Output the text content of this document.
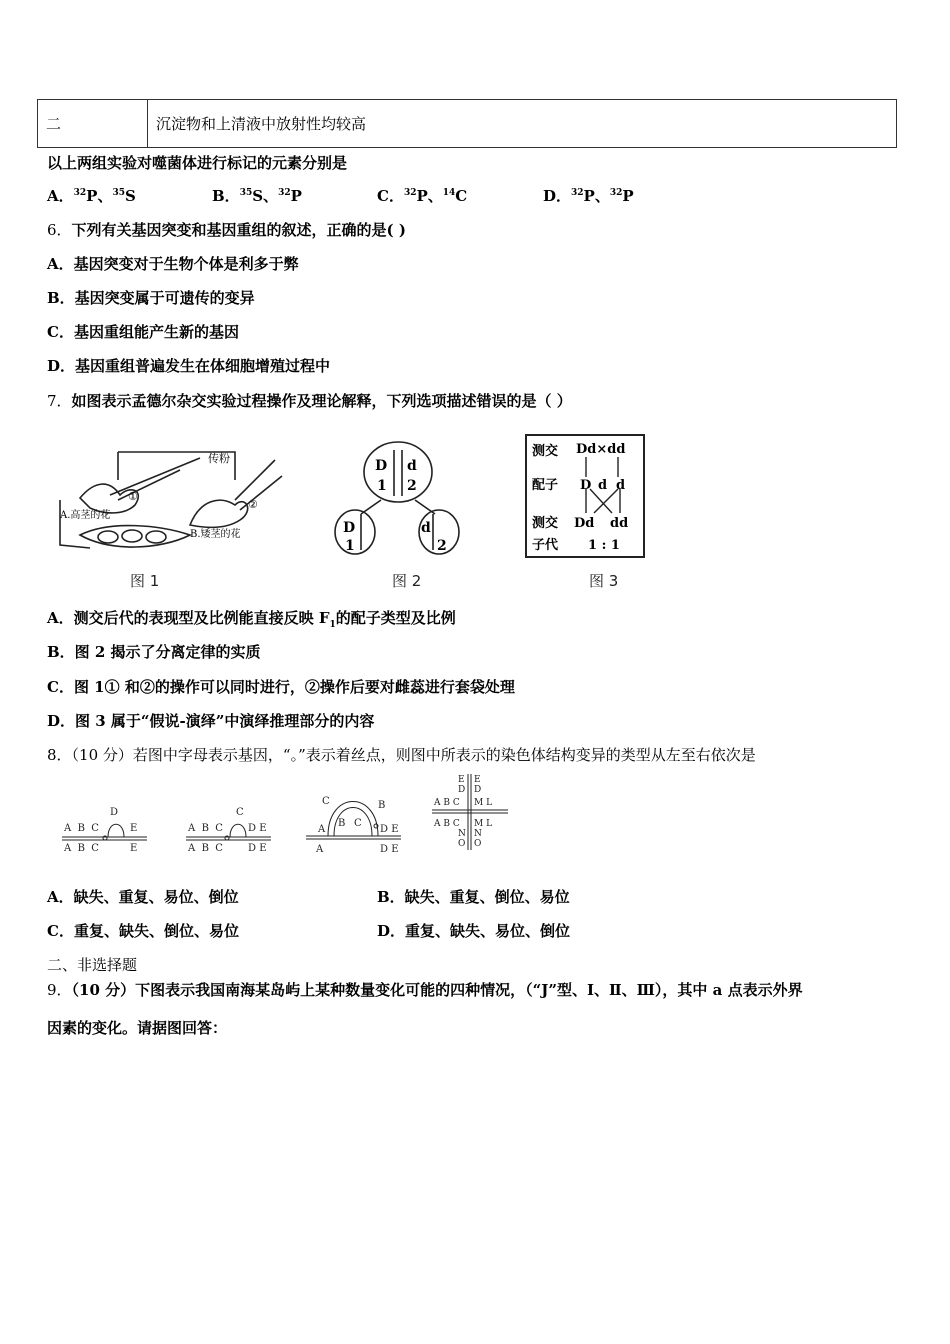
二	沉淀物和上清液中放射性均较高
以上两组实验对噬菌体进行标记的元素分别是
A．$^{32}$P、$^{35}$S	B．$^{35}$S、$^{32}$P	C．$^{32}$P、$^{14}$C	D．$^{32}$P、$^{32}$P
6．下列有关基因突变和基因重组的叙述，正确的是( )
A．基因突变对于生物个体是利多于弊
B．基因突变属于可遗传的变异
C．基因重组能产生新的基因
D．基因重组普遍发生在体细胞增殖过程中
7．如图表示孟德尔杂交实验过程操作及理论解释，下列选项描述错误的是（ ）
A.高茎的花
B.矮茎的花
传粉
①
②
图 1
D d
1 2
D
1
d
2
图 2
测交 Dd×dd
配子 D d d
测交 Dd dd
子代 1 : 1
图 3
A．测交后代的表现型及比例能直接反映 $F_1$的配子类型及比例
B．图 2 揭示了分离定律的实质
C．图 1① 和②的操作可以同时进行，②操作后要对雌蕊进行套袋处理
D．图 3 属于“假说-演绎”中演绎推理部分的内容
8．（10 分）若图中字母表示基因，“。”表示着丝点，则图中所表示的染色体结构变异的类型从左至右依次是
D
A  B  C	E
A  B  C	E
C
A  B  C	D E
A  B  C	D E
C	B
B C
A	D E
A	D E
E E
D D
A B C M L
A B C M L
N N
O O
A．缺失、重复、易位、倒位	B．缺失、重复、倒位、易位
C．重复、缺失、倒位、易位	D．重复、缺失、易位、倒位
二、非选择题
9．（10 分）下图表示我国南海某岛屿上某种数量变化可能的四种情况，（“J”型、Ⅰ、Ⅱ、Ⅲ），其中 a 点表示外界
因素的变化。请据图回答：
